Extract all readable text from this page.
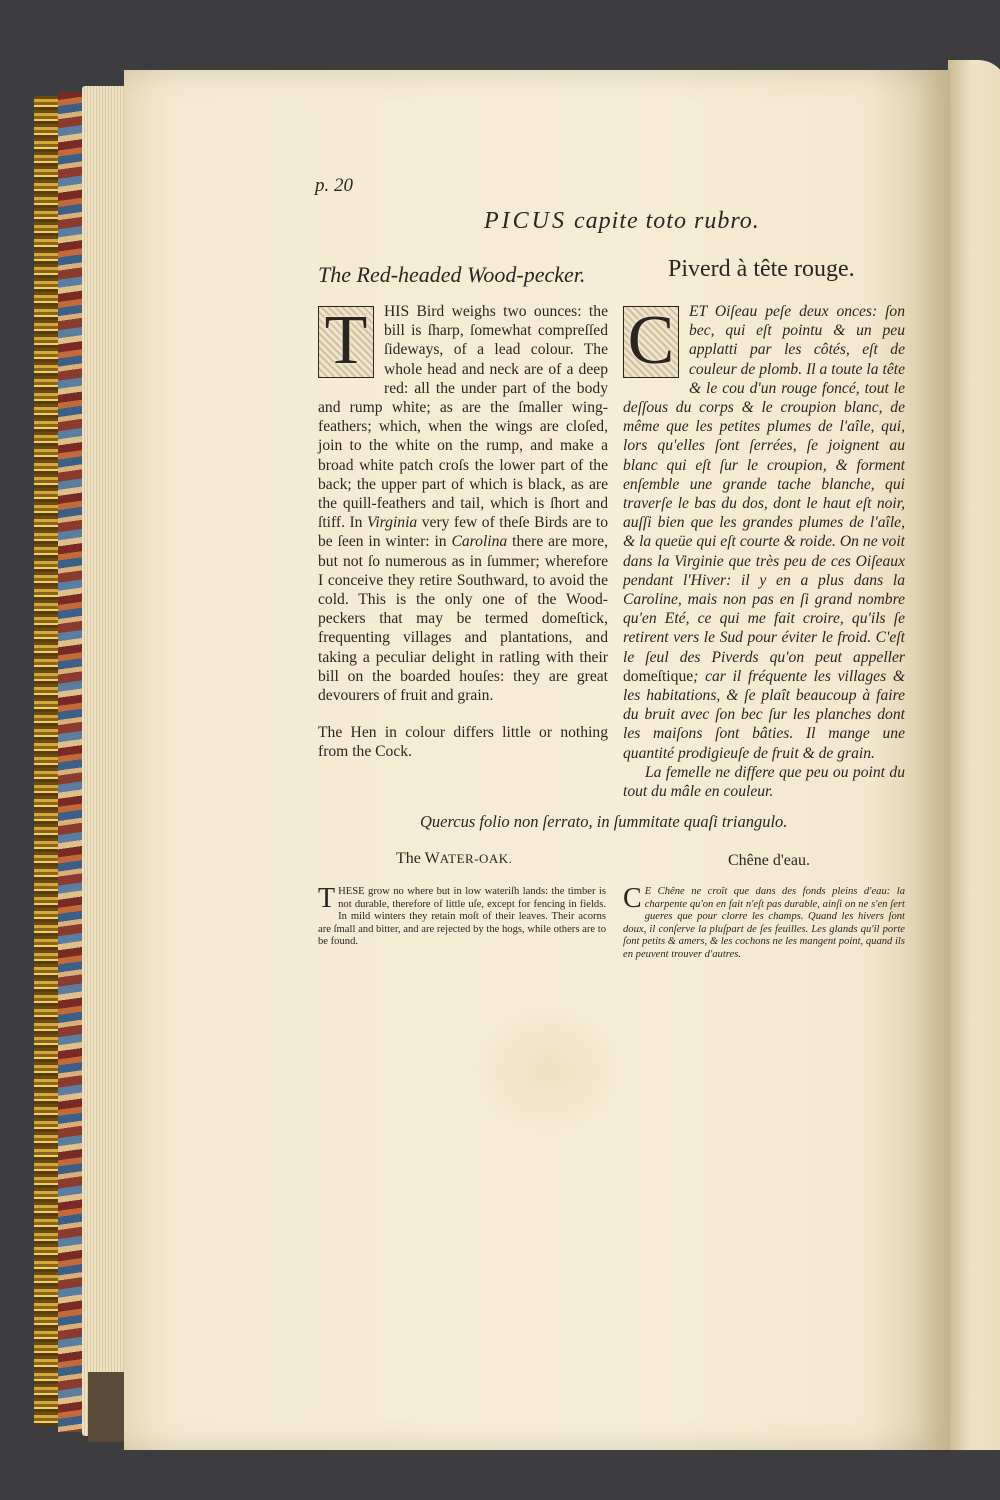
p. 20
PICUS capite toto rubro.
The Red-headed Wood-pecker.	Piverd à tête rouge.

T	HIS Bird weighs two ounces: the bill is ſharp, ſomewhat compreſſed ſideways, of a lead colour. The whole head and neck are of a deep red: all the under part of the body and rump white; as are the ſmaller wing-feathers; which, when the wings are cloſed, join to the white on the rump, and make a broad white patch croſs the lower part of the back; the upper part of which is black, as are the quill-feathers and tail, which is ſhort and ſtiff. In Virginia very few of theſe Birds are to be ſeen in winter: in Carolina there are more, but not ſo numerous as in ſummer; wherefore I conceive they retire Southward, to avoid the cold. This is the only one of the Wood-peckers that may be termed domeſtick, frequenting villages and plantations, and taking a peculiar delight in ratling with their bill on the boarded houſes: they are great devourers of fruit and grain.

The Hen in colour differs little or nothing from the Cock.

C ET Oiſeau peſe deux onces: ſon bec, qui eſt pointu & un peu applatti par les côtés, eſt de couleur de plomb. Il a toute la tête & le cou d'un rouge foncé, tout le deſſous du corps & le croupion blanc, de même que les petites plumes de l'aîle, qui, lors qu'elles ſont ſerrées, ſe joignent au blanc qui eſt ſur le croupion, & forment enſemble une grande tache blanche, qui traverſe le bas du dos, dont le haut eſt noir, auſſi bien que les grandes plumes de l'aîle, & la queüe qui eſt courte & roide. On ne voit dans la Virginie que très peu de ces Oiſeaux pendant l'Hiver: il y en a plus dans la Caroline, mais non pas en ſi grand nombre qu'en Eté, ce qui me fait croire, qu'ils ſe retirent vers le Sud pour éviter le froid. C'eſt le ſeul des Piverds qu'on peut appeller domeſtique; car il fréquente les villages & les habitations, & ſe plaît beaucoup à faire du bruit avec ſon bec ſur les planches dont les maiſons ſont bâties. Il mange une quantité prodigieuſe de fruit & de grain.

La femelle ne differe que peu ou point du tout du mâle en couleur.

Quercus folio non ſerrato, in ſummitate quaſi triangulo.
The WATER-OAK.	Chêne d'eau.
THESE grow no where but in low wateriſh lands: the timber is not durable, therefore of little uſe, except for fencing in fields. In mild winters they retain moſt of their leaves. Their acorns are ſmall and bitter, and are rejected by the hogs, while others are to be found.
C E Chêne ne croît que dans des fonds pleins d'eau: la charpente qu'on en fait n'eſt pas durable, ainſi on ne s'en ſert gueres que pour clorre les champs. Quand les hivers ſont doux, il conſerve la pluſpart de ſes feuilles. Les glands qu'il porte ſont petits & amers, & les cochons ne les mangent point, quand ils en peuvent trouver d'autres.
